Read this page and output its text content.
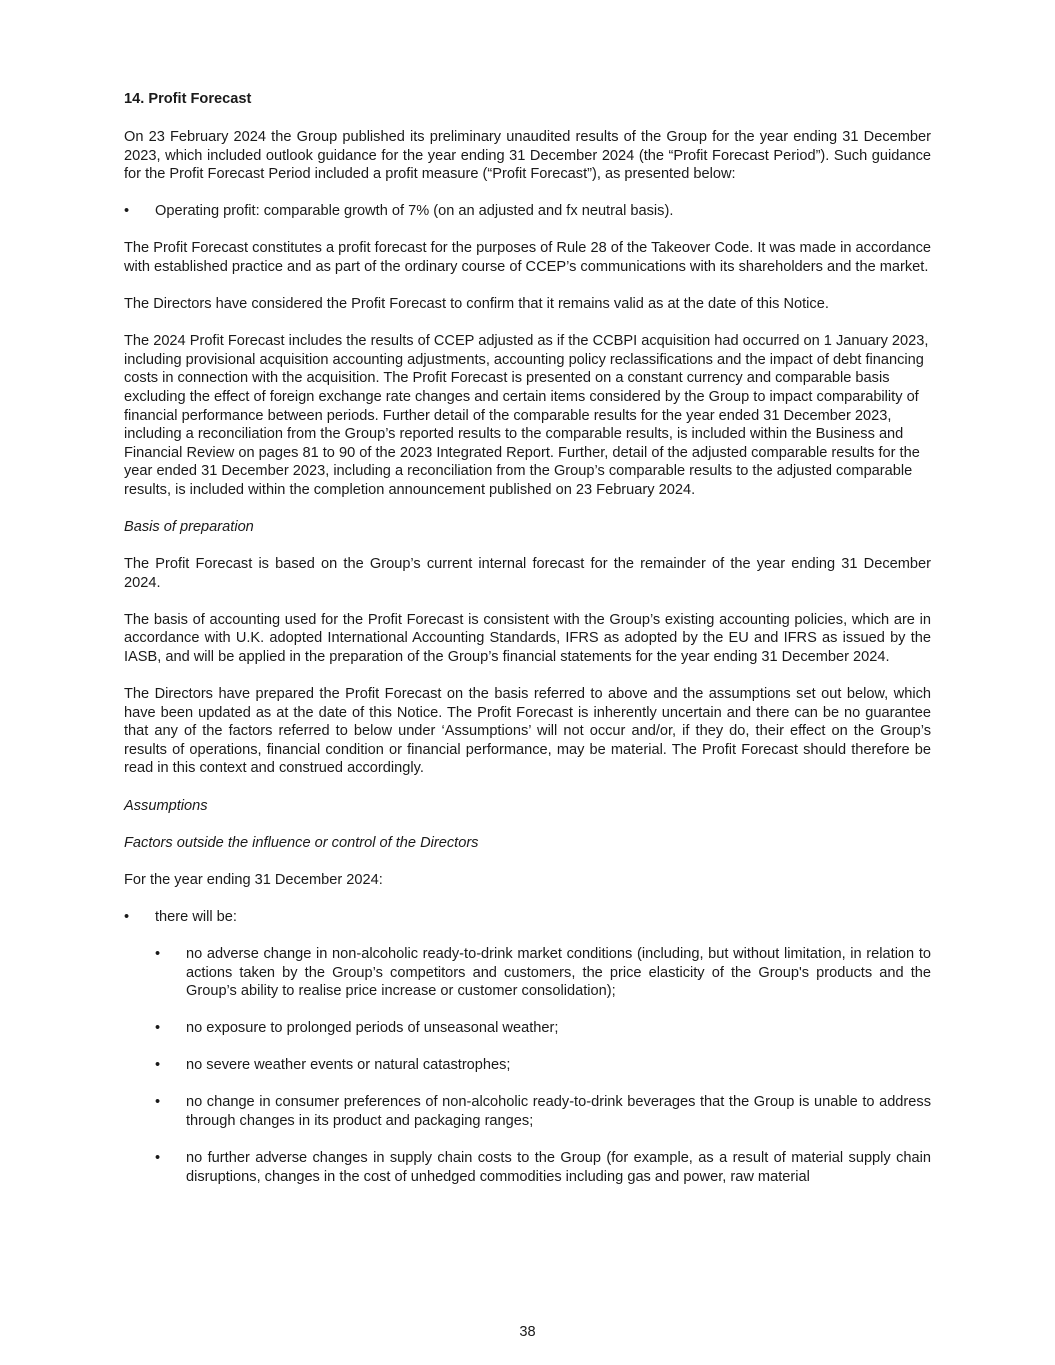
14. Profit Forecast

On 23 February 2024 the Group published its preliminary unaudited results of the Group for the year ending 31 December 2023, which included outlook guidance for the year ending 31 December 2024 (the “Profit Forecast Period”). Such guidance for the Profit Forecast Period included a profit measure (“Profit Forecast”), as presented below:

• Operating profit: comparable growth of 7% (on an adjusted and fx neutral basis).

The Profit Forecast constitutes a profit forecast for the purposes of Rule 28 of the Takeover Code. It was made in accordance with established practice and as part of the ordinary course of CCEP’s communications with its shareholders and the market.

The Directors have considered the Profit Forecast to confirm that it remains valid as at the date of this Notice.

The 2024 Profit Forecast includes the results of CCEP adjusted as if the CCBPI acquisition had occurred on 1 January 2023, including provisional acquisition accounting adjustments, accounting policy reclassifications and the impact of debt financing costs in connection with the acquisition. The Profit Forecast is presented on a constant currency and comparable basis excluding the effect of foreign exchange rate changes and certain items considered by the Group to impact comparability of financial performance between periods. Further detail of the comparable results for the year ended 31 December 2023, including a reconciliation from the Group’s reported results to the comparable results, is included within the Business and Financial Review on pages 81 to 90 of the 2023 Integrated Report. Further, detail of the adjusted comparable results for the year ended 31 December 2023, including a reconciliation from the Group’s comparable results to the adjusted comparable results, is included within the completion announcement published on 23 February 2024.

Basis of preparation

The Profit Forecast is based on the Group’s current internal forecast for the remainder of the year ending 31 December 2024.

The basis of accounting used for the Profit Forecast is consistent with the Group’s existing accounting policies, which are in accordance with U.K. adopted International Accounting Standards, IFRS as adopted by the EU and IFRS as issued by the IASB, and will be applied in the preparation of the Group’s financial statements for the year ending 31 December 2024.

The Directors have prepared the Profit Forecast on the basis referred to above and the assumptions set out below, which have been updated as at the date of this Notice. The Profit Forecast is inherently uncertain and there can be no guarantee that any of the factors referred to below under ‘Assumptions’ will not occur and/or, if they do, their effect on the Group’s results of operations, financial condition or financial performance, may be material. The Profit Forecast should therefore be read in this context and construed accordingly.

Assumptions

Factors outside the influence or control of the Directors

For the year ending 31 December 2024:

• there will be:
• no adverse change in non-alcoholic ready-to-drink market conditions (including, but without limitation, in relation to actions taken by the Group’s competitors and customers, the price elasticity of the Group's products and the Group’s ability to realise price increase or customer consolidation);
• no exposure to prolonged periods of unseasonal weather;
• no severe weather events or natural catastrophes;
• no change in consumer preferences of non-alcoholic ready-to-drink beverages that the Group is unable to address through changes in its product and packaging ranges;
• no further adverse changes in supply chain costs to the Group (for example, as a result of material supply chain disruptions, changes in the cost of unhedged commodities including gas and power, raw material
38
